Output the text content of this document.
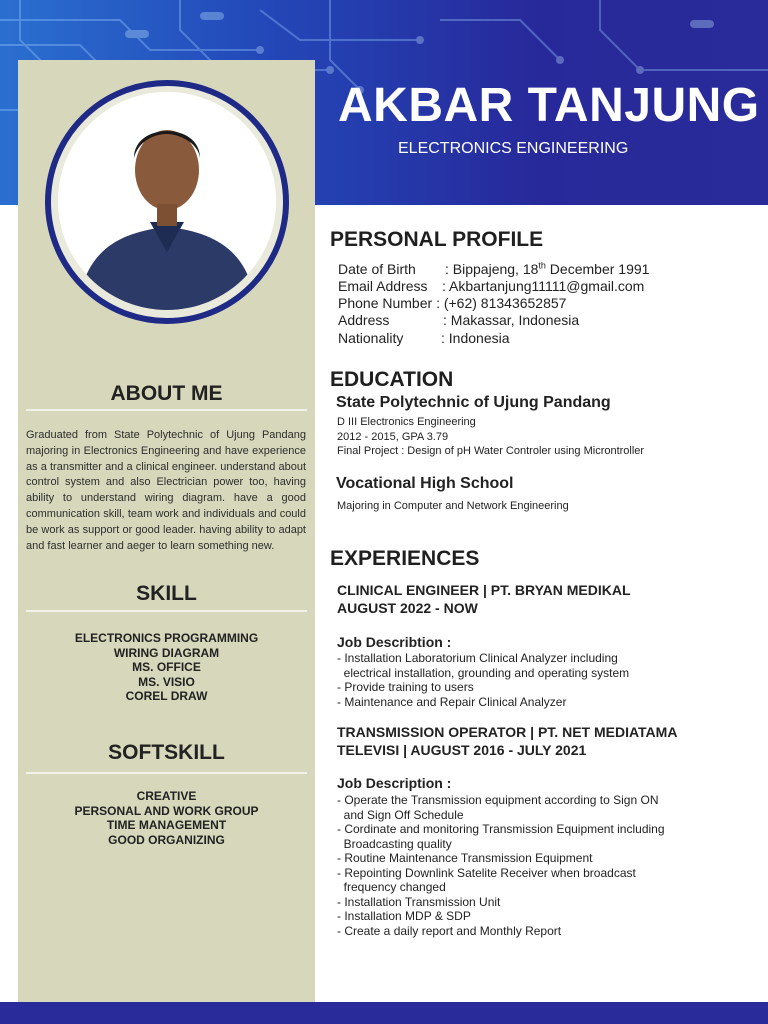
AKBAR TANJUNG
ELECTRONICS ENGINEERING
ABOUT ME
Graduated from State Polytechnic of Ujung Pandang majoring in Electronics Engineering and have experience as a transmitter and a clinical engineer. understand about control system and also Electrician power too, having ability to understand wiring diagram. have a good communication skill, team work and individuals and could be work as support or good leader. having ability to adapt and fast learner and aeger to learn something new.
SKILL
ELECTRONICS PROGRAMMING
WIRING DIAGRAM
MS. OFFICE
MS. VISIO
COREL DRAW
SOFTSKILL
CREATIVE
PERSONAL AND WORK GROUP
TIME MANAGEMENT
GOOD ORGANIZING
PERSONAL PROFILE
Date of Birth : Bippajeng, 18th December 1991
Email Address : Akbartanjung11111@gmail.com
Phone Number : (+62) 81343652857
Address	: Makassar, Indonesia
Nationality	: Indonesia
EDUCATION
State Polytechnic of Ujung Pandang
D III Electronics Engineering
2012 - 2015, GPA 3.79
Final Project : Design of pH Water Controler using Microntroller
Vocational High School
Majoring in Computer and Network Engineering
EXPERIENCES
CLINICAL ENGINEER | PT. BRYAN MEDIKAL
AUGUST 2022 - NOW
Job Describtion :
- Installation Laboratorium Clinical Analyzer including
electrical installation, grounding and operating system
- Provide training to users
- Maintenance and Repair Clinical Analyzer
TRANSMISSION OPERATOR | PT. NET MEDIATAMA
TELEVISI | AUGUST 2016 - JULY 2021
Job Description :
- Operate the Transmission equipment according to Sign ON
and Sign Off Schedule
- Cordinate and monitoring Transmission Equipment including
Broadcasting quality
- Routine Maintenance Transmission Equipment
- Repointing Downlink Satelite Receiver when broadcast
frequency changed
- Installation Transmission Unit
- Installation MDP & SDP
- Create a daily report and Monthly Report
